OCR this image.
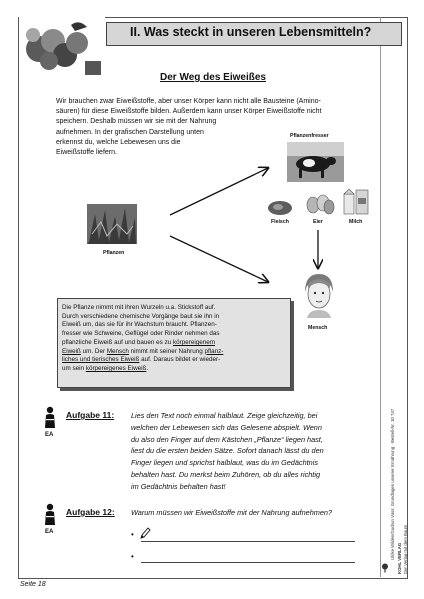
II. Was steckt in unseren Lebensmitteln?
Der Weg des Eiweißes
Wir brauchen zwar Eiweißstoffe, aber unser Körper kann nicht alle Bausteine (Amino-
säuren) für diese Eiweißstoffe bilden. Außerdem kann unser Körper Eiweißstoffe nicht
speichern. Deshalb müssen wir sie mit der Nahrung
aufnehmen. In der grafischen Darstellung unten
erkennst du, welche Lebewesen uns die
Eiweißstoffe liefern.
Pflanzen
Pflanzenfresser
Fleisch	Eier	Milch
Mensch
Die Pflanze nimmt mit ihren Wurzeln u.a. Stickstoff auf.
Durch verschiedene chemische Vorgänge baut sie ihn in
Eiweiß um, das sie für ihr Wachstum braucht. Pflanzen-
fresser wie Schweine, Geflügel oder Rinder nehmen das
pflanzliche Eiweiß auf und bauen es zu körpereigenem
Eiweiß um. Der Mensch nimmt mit seiner Nahrung pflanz-
liches und tierisches Eiweiß auf. Daraus bildet er wieder-
um sein körpereigenes Eiweiß.
EA
Aufgabe 11: Lies den Text noch einmal halblaut. Zeige gleichzeitig, bei
welchen der Lebewesen sich das Gelesene abspielt. Wenn
du also den Finger auf dem Kästchen „Pflanze“ liegen hast,
liest du die ersten beiden Sätze. Sofort danach lässt du den
Finger liegen und sprichst halblaut, was du im Gedächtnis
behalten hast. Du merkst beim Zuhören, ob du alles richtig
im Gedächtnis behalten hast!
EA
Aufgabe 12: Warum müssen wir Eiweißstoffe mit der Nahrung aufnehmen?
•
•	Ulrike Wilden/Gudrun Voss: Grundlagen unserer Ernährung · Bestell-Nr. 10 747 KOHL VERLAG Der Verlag mit dem Baum
Seite 18
